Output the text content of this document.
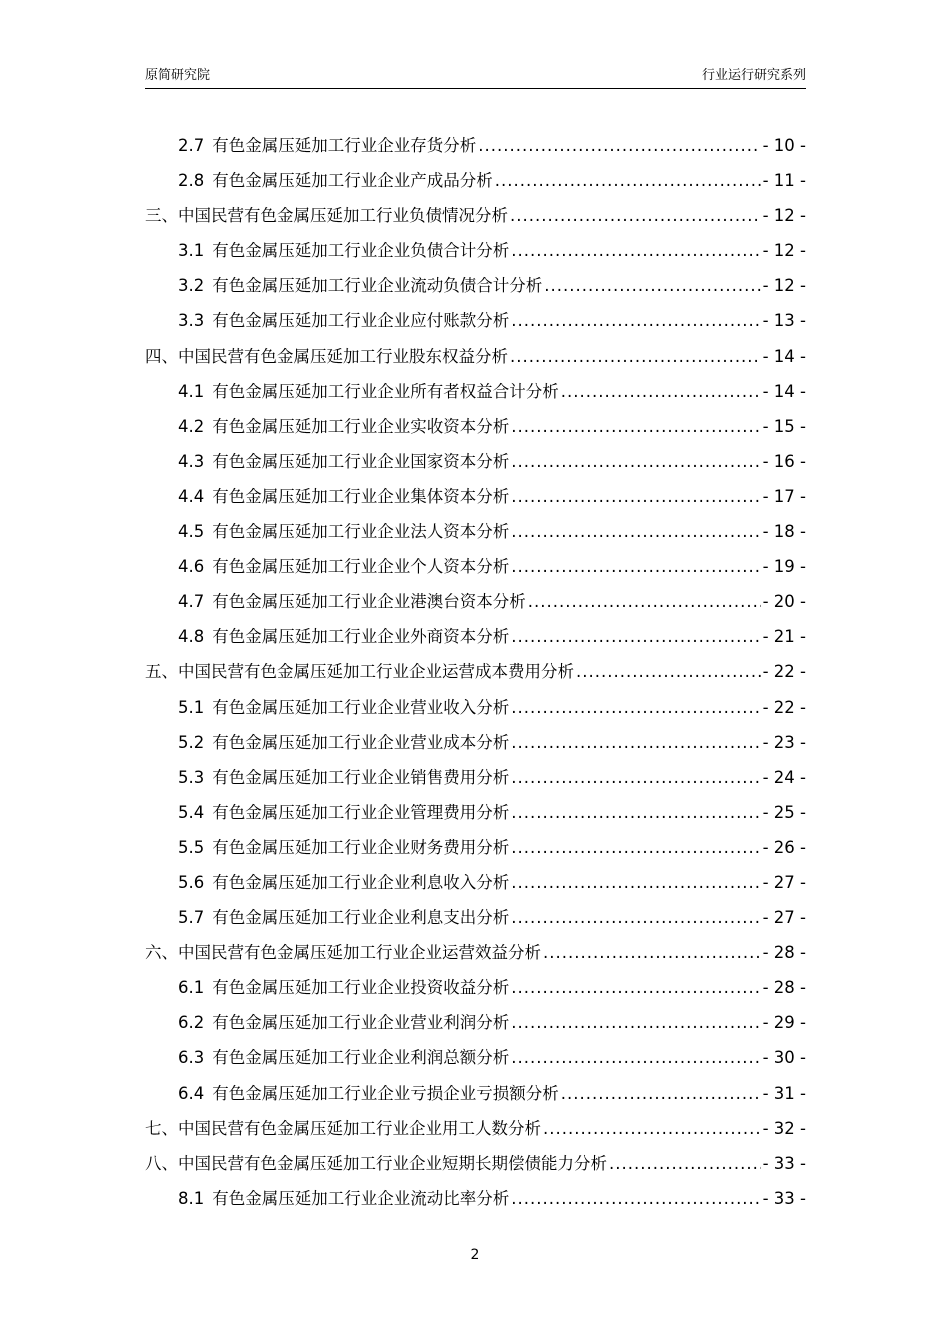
原简研究院	行业运行研究系列
2.7 有色金属压延加工行业企业存货分析 .....	- 10 -
2.8 有色金属压延加工行业企业产成品分析 .....	- 11 -
三、中国民营有色金属压延加工行业负债情况分析 .....	- 12 -
3.1 有色金属压延加工行业企业负债合计分析 .....	- 12 -
3.2 有色金属压延加工行业企业流动负债合计分析 .....	- 12 -
3.3 有色金属压延加工行业企业应付账款分析 .....	- 13 -
四、中国民营有色金属压延加工行业股东权益分析 .....	- 14 -
4.1 有色金属压延加工行业企业所有者权益合计分析 .....	- 14 -
4.2 有色金属压延加工行业企业实收资本分析 .....	- 15 -
4.3 有色金属压延加工行业企业国家资本分析 .....	- 16 -
4.4 有色金属压延加工行业企业集体资本分析 .....	- 17 -
4.5 有色金属压延加工行业企业法人资本分析 .....	- 18 -
4.6 有色金属压延加工行业企业个人资本分析 .....	- 19 -
4.7 有色金属压延加工行业企业港澳台资本分析 .....	- 20 -
4.8 有色金属压延加工行业企业外商资本分析 .....	- 21 -
五、中国民营有色金属压延加工行业企业运营成本费用分析 .....	- 22 -
5.1 有色金属压延加工行业企业营业收入分析 .....	- 22 -
5.2 有色金属压延加工行业企业营业成本分析 .....	- 23 -
5.3 有色金属压延加工行业企业销售费用分析 .....	- 24 -
5.4 有色金属压延加工行业企业管理费用分析 .....	- 25 -
5.5 有色金属压延加工行业企业财务费用分析 .....	- 26 -
5.6 有色金属压延加工行业企业利息收入分析 .....	- 27 -
5.7 有色金属压延加工行业企业利息支出分析 .....	- 27 -
六、中国民营有色金属压延加工行业企业运营效益分析 .....	- 28 -
6.1 有色金属压延加工行业企业投资收益分析 .....	- 28 -
6.2 有色金属压延加工行业企业营业利润分析 .....	- 29 -
6.3 有色金属压延加工行业企业利润总额分析 .....	- 30 -
6.4 有色金属压延加工行业企业亏损企业亏损额分析 .....	- 31 -
七、中国民营有色金属压延加工行业企业用工人数分析 .....	- 32 -
八、中国民营有色金属压延加工行业企业短期长期偿债能力分析 .....	- 33 -
8.1 有色金属压延加工行业企业流动比率分析 .....	- 33 -
2
